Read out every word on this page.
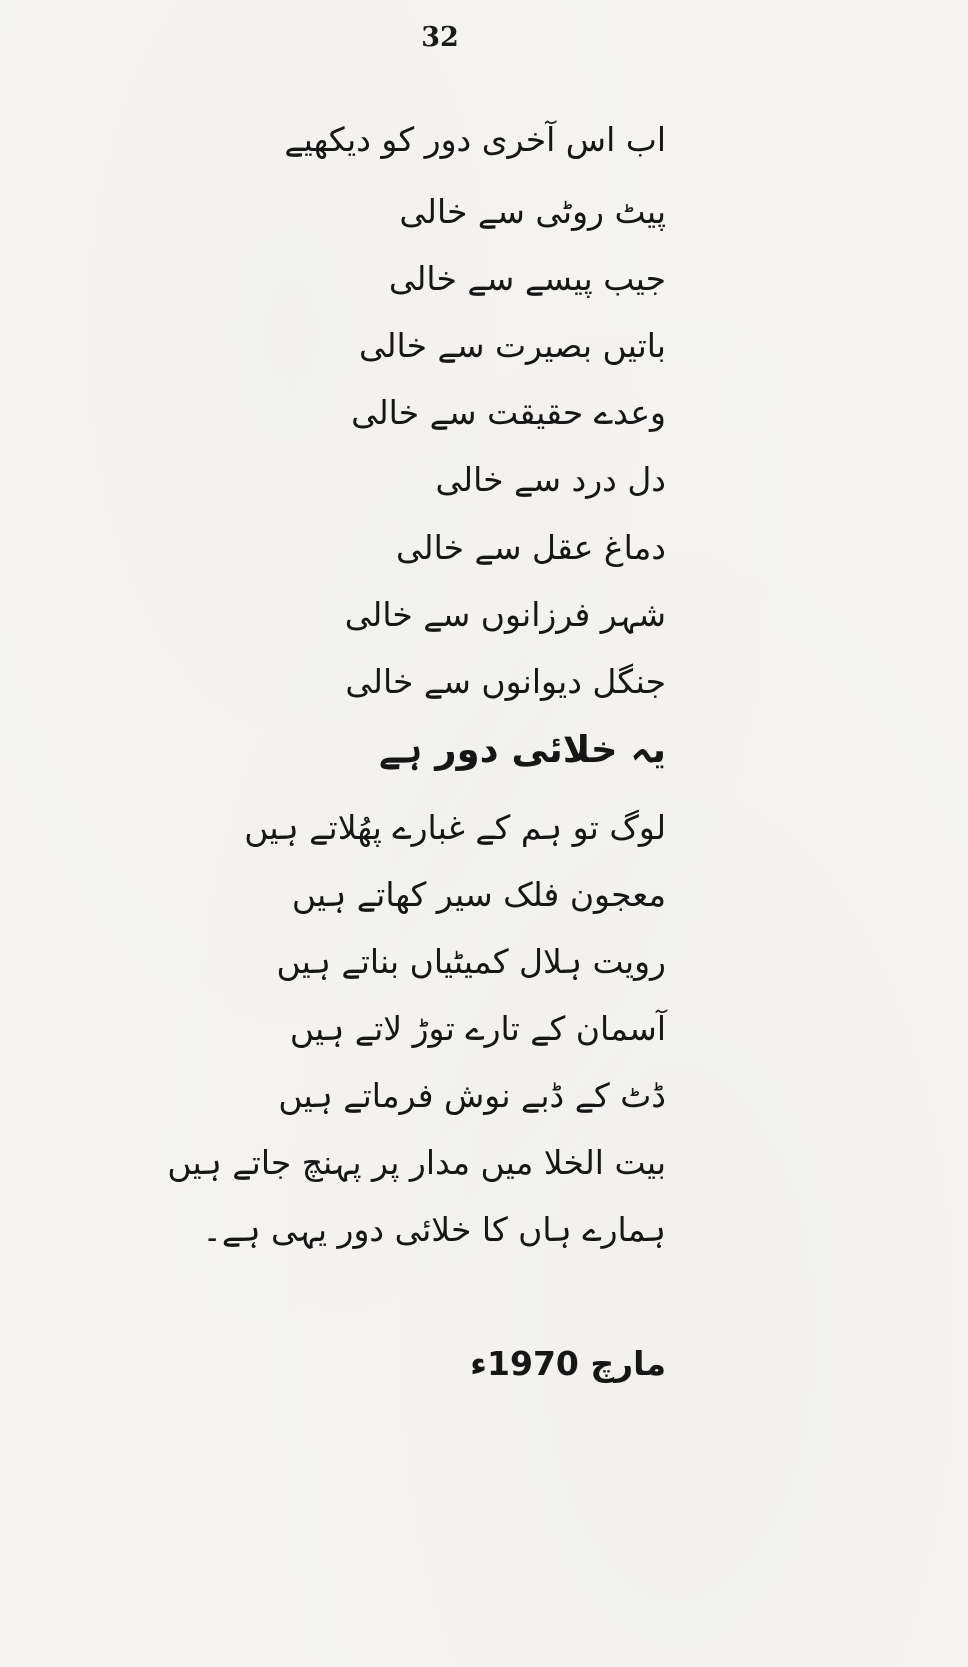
32
اب اس آخری دور کو دیکھیے
پیٹ روٹی سے خالی
جیب پیسے سے خالی
باتیں بصیرت سے خالی
وعدے حقیقت سے خالی
دل درد سے خالی
دماغ عقل سے خالی
شہر فرزانوں سے خالی
جنگل دیوانوں سے خالی
یہ خلائی دور ہے
لوگ تو ہم کے غبارے پھُلاتے ہیں
معجون فلک سیر کھاتے ہیں
رویت ہلال کمیٹیاں بناتے ہیں
آسمان کے تارے توڑ لاتے ہیں
ڈٹ کے ڈبے نوش فرماتے ہیں
بیت الخلا میں مدار پر پہنچ جاتے ہیں
ہمارے ہاں کا خلائی دور یہی ہے۔
مارچ 1970ء
